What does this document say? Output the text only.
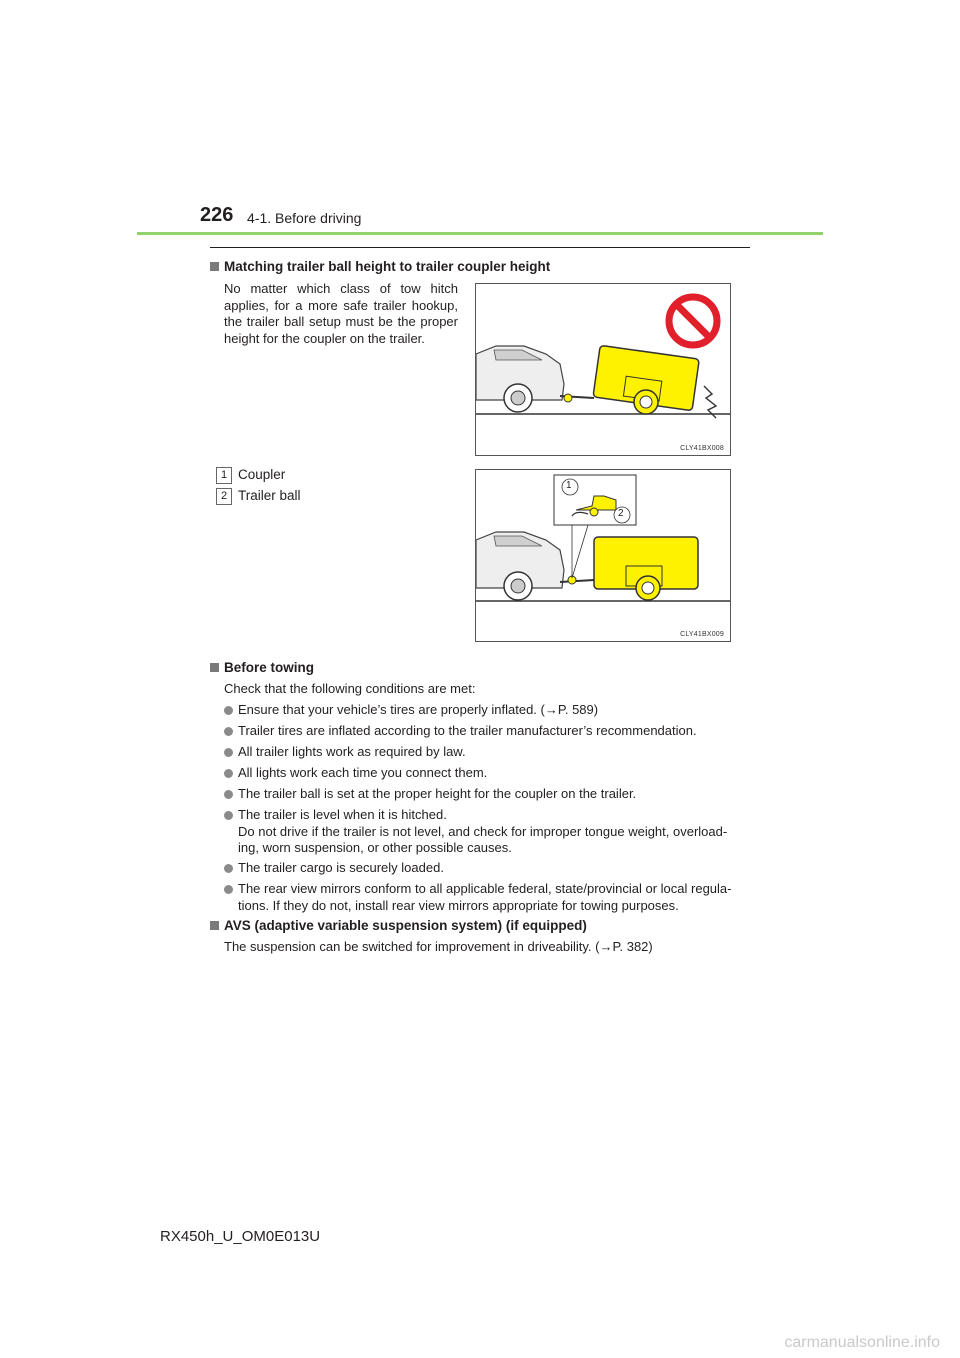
226 4-1. Before driving
Matching trailer ball height to trailer coupler height
No matter which class of tow hitch applies, for a more safe trailer hookup, the trailer ball setup must be the proper height for the coupler on the trailer.
CLY41BX008
1 Coupler
2 Trailer ball
1
2
CLY41BX009
Before towing
Check that the following conditions are met:
Ensure that your vehicle’s tires are properly inflated. (→P. 589)
Trailer tires are inflated according to the trailer manufacturer’s recommendation.
All trailer lights work as required by law.
All lights work each time you connect them.
The trailer ball is set at the proper height for the coupler on the trailer.
The trailer is level when it is hitched.
Do not drive if the trailer is not level, and check for improper tongue weight, overload-
ing, worn suspension, or other possible causes.
The trailer cargo is securely loaded.
The rear view mirrors conform to all applicable federal, state/provincial or local regula-
tions. If they do not, install rear view mirrors appropriate for towing purposes.
AVS (adaptive variable suspension system) (if equipped)
The suspension can be switched for improvement in driveability. (→P. 382)
RX450h_U_OM0E013U
carmanualsonline.info
